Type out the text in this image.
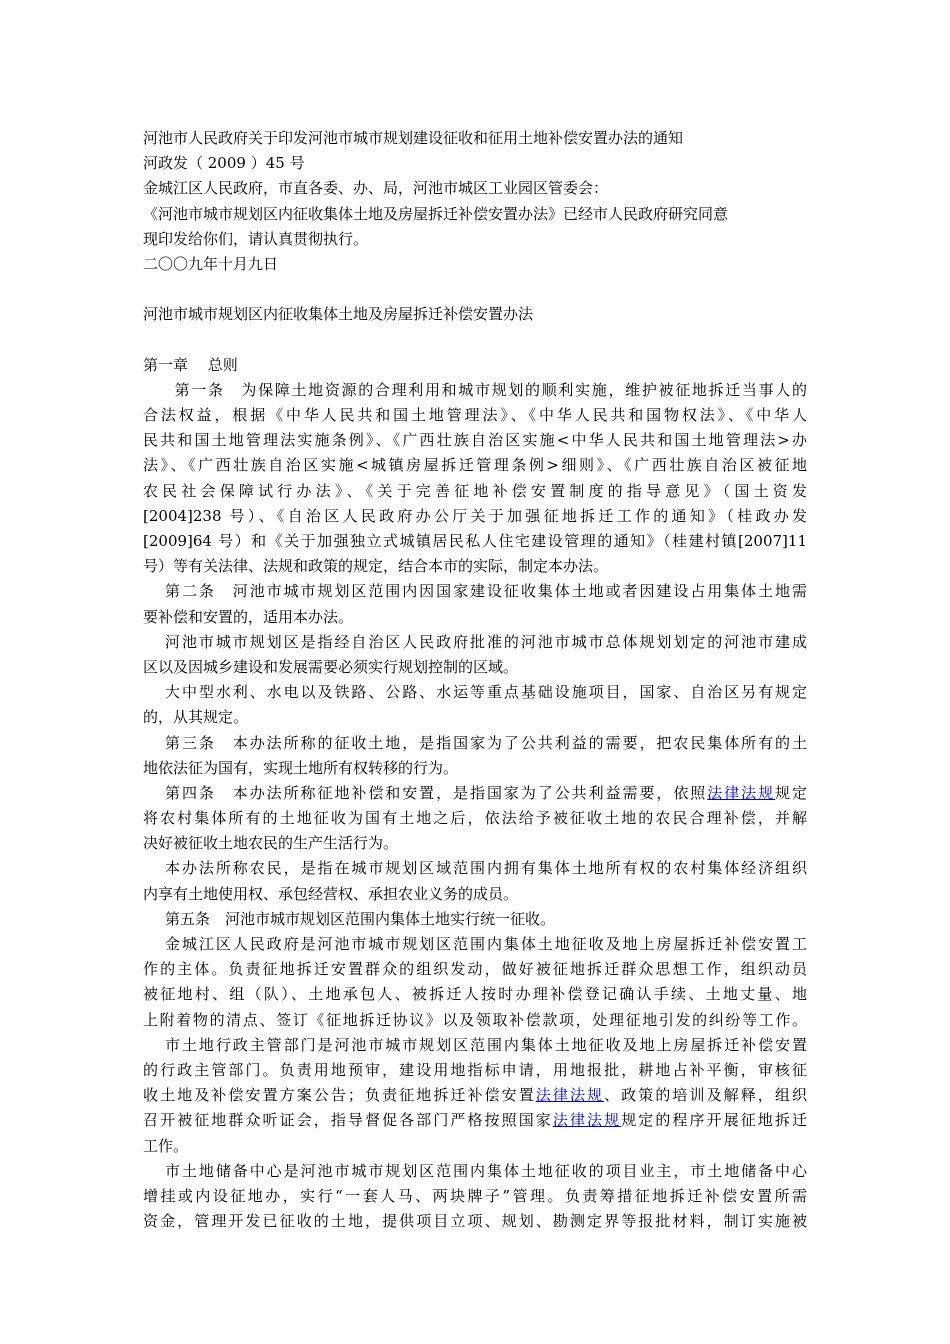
河池市人民政府关于印发河池市城市规划建设征收和征用土地补偿安置办法的通知
河政发（ 2009 ）45 号
金城江区人民政府，市直各委、办、局，河池市城区工业园区管委会：
《河池市城市规划区内征收集体土地及房屋拆迁补偿安置办法》已经市人民政府研究同意
现印发给你们，请认真贯彻执行。
二〇〇九年十月九日
河池市城市规划区内征收集体土地及房屋拆迁补偿安置办法
第一章　 总则
　第一条　为保障土地资源的合理利用和城市规划的顺利实施，维护被征地拆迁当事人的
合法权益，根据《中华人民共和国土地管理法》、《中华人民共和国物权法》、《中华人
民共和国土地管理法实施条例》、《广西壮族自治区实施<中华人民共和国土地管理法>办
法》、《广西壮族自治区实施<城镇房屋拆迁管理条例>细则》、《广西壮族自治区被征地
农民社会保障试行办法》、《关于完善征地补偿安置制度的指导意见》（国土资发
[2004]238 号）、《自治区人民政府办公厅关于加强征地拆迁工作的通知》（桂政办发
[2009]64 号）和《关于加强独立式城镇居民私人住宅建设管理的通知》（桂建村镇[2007]11
号）等有关法律、法规和政策的规定，结合本市的实际，制定本办法。
第二条　河池市城市规划区范围内因国家建设征收集体土地或者因建设占用集体土地需
要补偿和安置的，适用本办法。
河池市城市规划区是指经自治区人民政府批准的河池市城市总体规划划定的河池市建成
区以及因城乡建设和发展需要必须实行规划控制的区域。
大中型水利、水电以及铁路、公路、水运等重点基础设施项目，国家、自治区另有规定
的，从其规定。
第三条　本办法所称的征收土地，是指国家为了公共利益的需要，把农民集体所有的土
地依法征为国有，实现土地所有权转移的行为。
第四条　本办法所称征地补偿和安置，是指国家为了公共利益需要，依照法律法规规定
将农村集体所有的土地征收为国有土地之后，依法给予被征收土地的农民合理补偿，并解
决好被征收土地农民的生产生活行为。
本办法所称农民，是指在城市规划区域范围内拥有集体土地所有权的农村集体经济组织
内享有土地使用权、承包经营权、承担农业义务的成员。
第五条　河池市城市规划区范围内集体土地实行统一征收。
金城江区人民政府是河池市城市规划区范围内集体土地征收及地上房屋拆迁补偿安置工
作的主体。负责征地拆迁安置群众的组织发动，做好被征地拆迁群众思想工作，组织动员
被征地村、组（队）、土地承包人、被拆迁人按时办理补偿登记确认手续、土地丈量、地
上附着物的清点、签订《征地拆迁协议》以及领取补偿款项，处理征地引发的纠纷等工作。
市土地行政主管部门是河池市城市规划区范围内集体土地征收及地上房屋拆迁补偿安置
的行政主管部门。负责用地预审，建设用地指标申请，用地报批，耕地占补平衡，审核征
收土地及补偿安置方案公告；负责征地拆迁补偿安置法律法规、政策的培训及解释，组织
召开被征地群众听证会，指导督促各部门严格按照国家法律法规规定的程序开展征地拆迁
工作。
市土地储备中心是河池市城市规划区范围内集体土地征收的项目业主，市土地储备中心
增挂或内设征地办，实行“一套人马、两块牌子”管理。负责筹措征地拆迁补偿安置所需
资金，管理开发已征收的土地，提供项目立项、规划、勘测定界等报批材料，制订实施被
